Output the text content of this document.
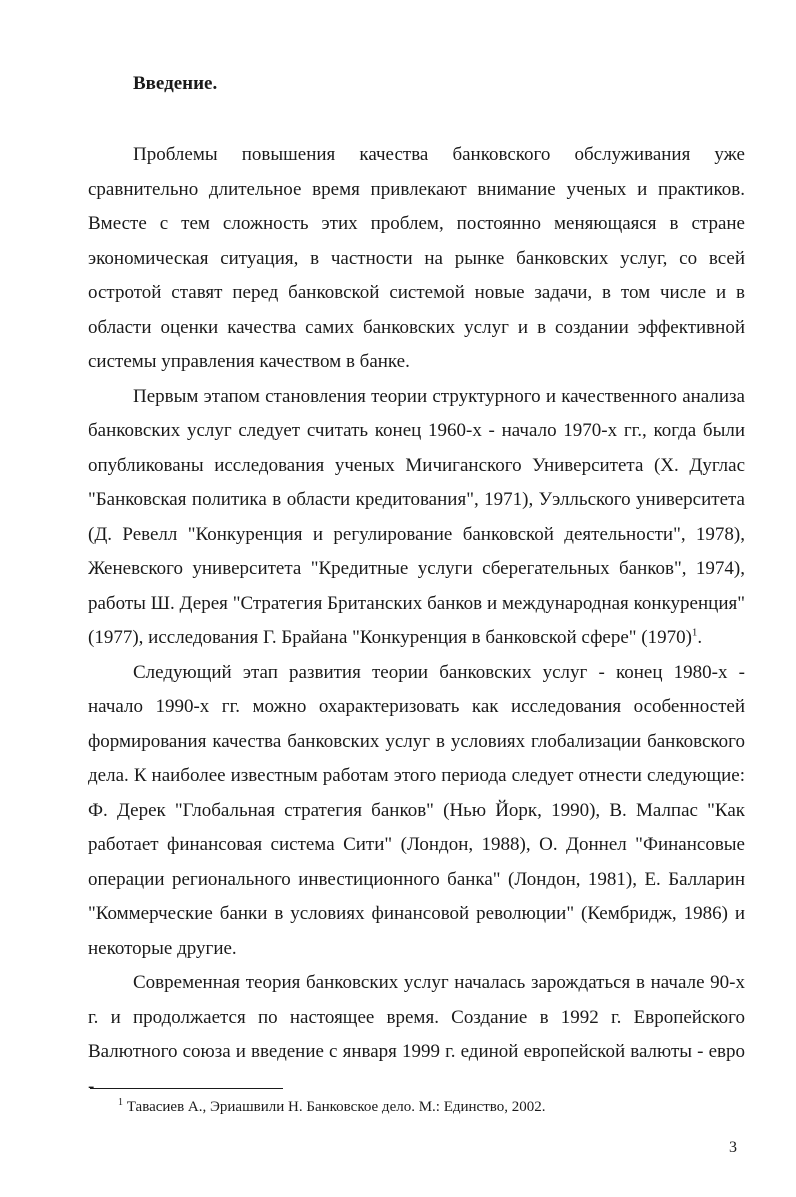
Введение.

Проблемы повышения качества банковского обслуживания уже сравнительно длительное время привлекают внимание ученых и практиков. Вместе с тем сложность этих проблем, постоянно меняющаяся в стране экономическая ситуация, в частности на рынке банковских услуг, со всей остротой ставят перед банковской системой новые задачи, в том числе и в области оценки качества самих банковских услуг и в создании эффективной системы управления качеством в банке.

Первым этапом становления теории структурного и качественного анализа банковских услуг следует считать конец 1960-х - начало 1970-х гг., когда были опубликованы исследования ученых Мичиганского Университета (Х. Дуглас "Банковская политика в области кредитования", 1971), Уэлльского университета (Д. Ревелл "Конкуренция и регулирование банковской деятельности", 1978), Женевского университета "Кредитные услуги сберегательных банков", 1974), работы Ш. Дерея "Стратегия Британских банков и международная конкуренция" (1977), исследования Г. Брайана "Конкуренция в банковской сфере" (1970)$^1$.

Следующий этап развития теории банковских услуг - конец 1980-х - начало 1990-х гг. можно охарактеризовать как исследования особенностей формирования качества банковских услуг в условиях глобализации банковского дела. К наиболее известным работам этого периода следует отнести следующие: Ф. Дерек "Глобальная стратегия банков" (Нью Йорк, 1990), В. Малпас "Как работает финансовая система Сити" (Лондон, 1988), О. Доннел "Финансовые операции регионального инвестиционного банка" (Лондон, 1981), Е. Балларин "Коммерческие банки в условиях финансовой революции" (Кембридж, 1986) и некоторые другие.

Современная теория банковских услуг началась зарождаться в начале 90-х г. и продолжается по настоящее время. Создание в 1992 г. Европейского Валютного союза и введение с января 1999 г. единой европейской валюты - евро -

$^1$ Тавасиев А., Эриашвили Н. Банковское дело. М.: Единство, 2002.

3
